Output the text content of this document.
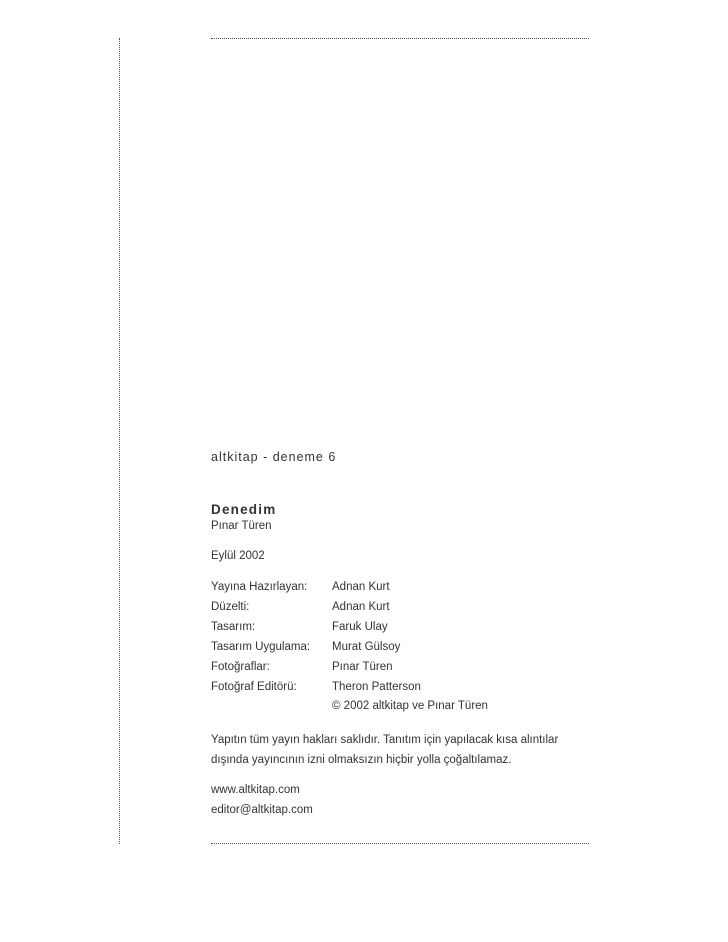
altkitap - deneme 6
Denedim
Pınar Türen
Eylül 2002
Yayına Hazırlayan:	Adnan Kurt
Düzelti:	Adnan Kurt
Tasarım:	Faruk Ulay
Tasarım Uygulama:	Murat Gülsoy
Fotoğraflar:	Pınar Türen
Fotoğraf Editörü:	Theron Patterson
© 2002 altkitap ve Pınar Türen
Yapıtın tüm yayın hakları saklıdır. Tanıtım için yapılacak kısa alıntılar
dışında yayıncının izni olmaksızın hiçbir yolla çoğaltılamaz.
www.altkitap.com
editor@altkitap.com
